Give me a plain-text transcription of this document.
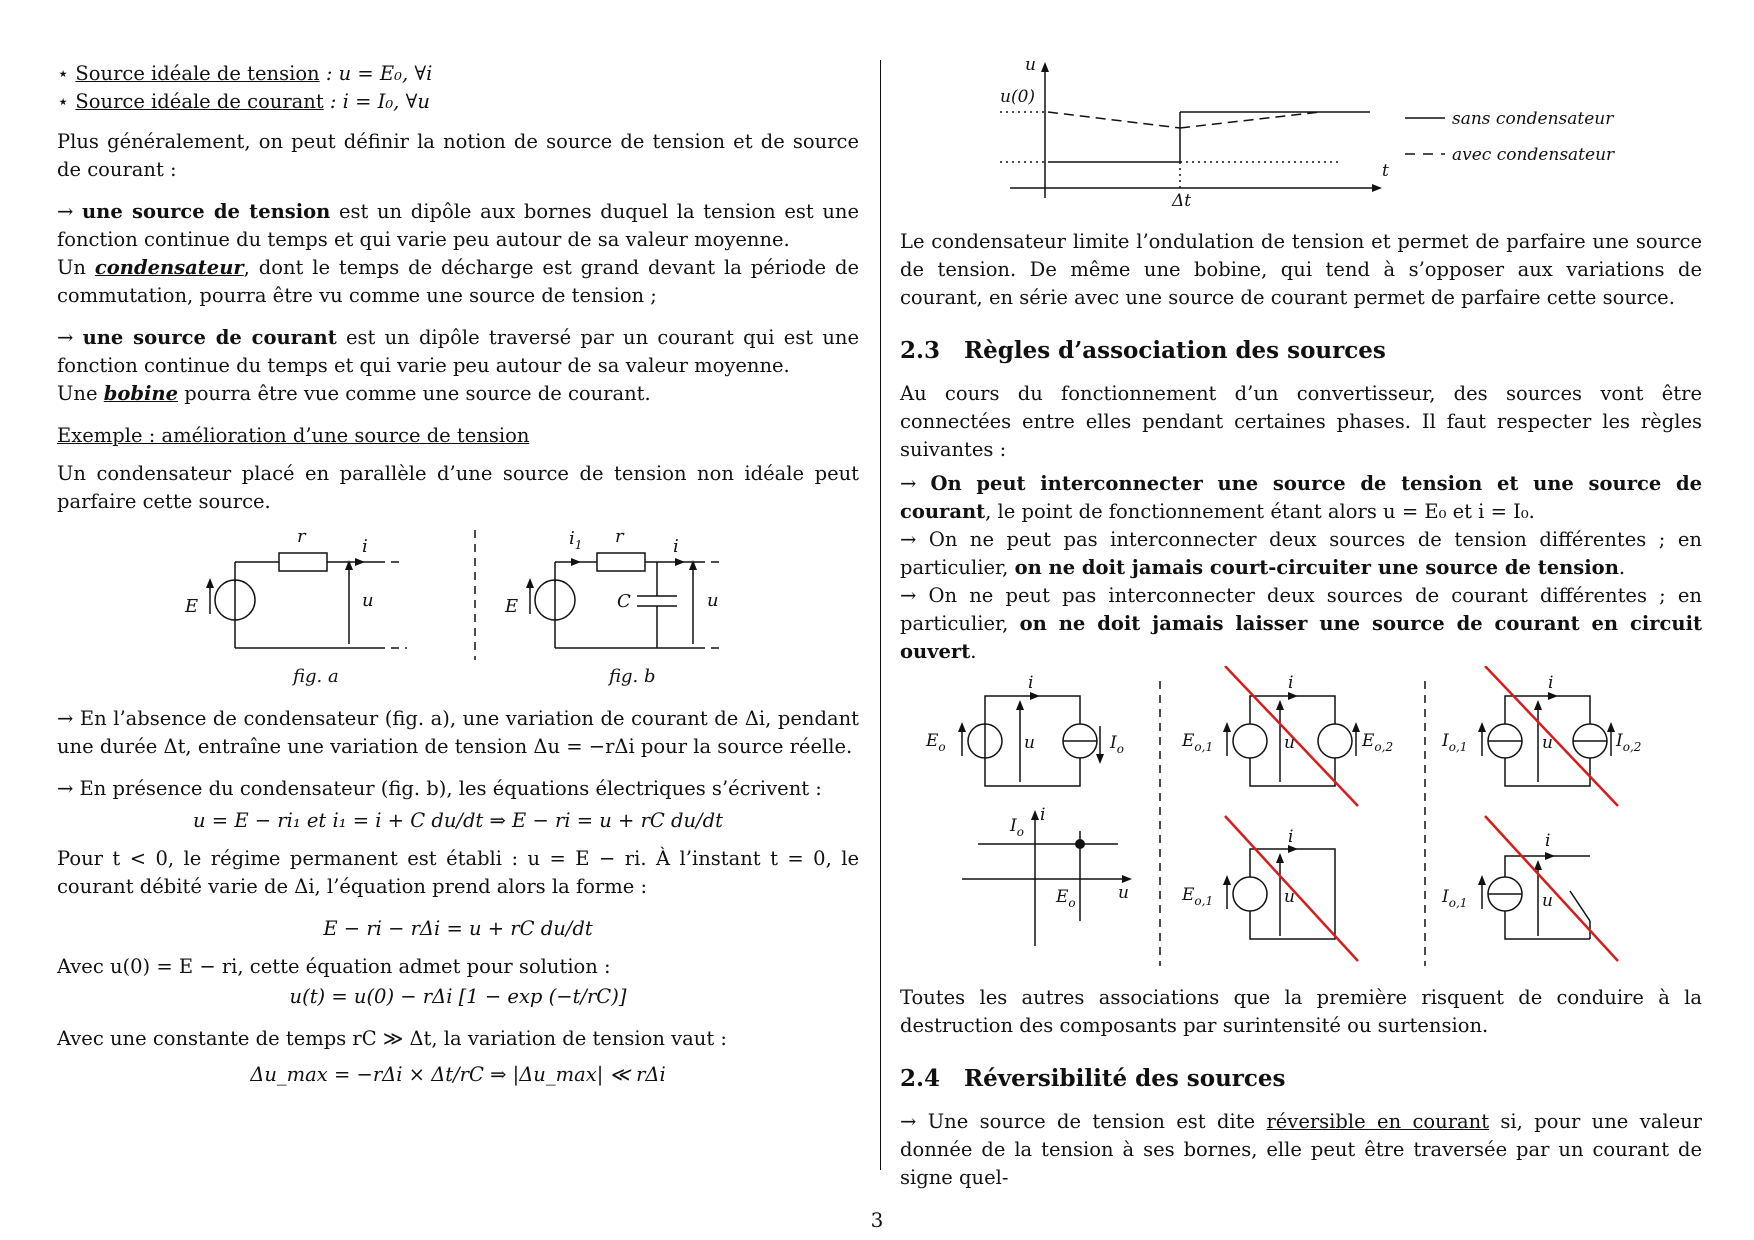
⋆ Source idéale de tension : u = E₀, ∀i
⋆ Source idéale de courant : i = I₀, ∀u

Plus généralement, on peut définir la notion de source de tension et de source de courant :

→ une source de tension est un dipôle aux bornes duquel la tension est une fonction continue du temps et qui varie peu autour de sa valeur moyenne.
Un condensateur, dont le temps de décharge est grand devant la période de commutation, pourra être vu comme une source de tension ;

→ une source de courant est un dipôle traversé par un courant qui est une fonction continue du temps et qui varie peu autour de sa valeur moyenne.
Une bobine pourra être vue comme une source de courant.

Exemple : amélioration d’une source de tension

Un condensateur placé en parallèle d’une source de tension non idéale peut parfaire cette source.

r	i
E	u
fig. a
$i_1$ r	i
E	C	u
fig. b

→ En l’absence de condensateur (fig. a), une variation de courant de Δi, pendant une durée Δt, entraîne une variation de tension Δu = −rΔi pour la source réelle.

→ En présence du condensateur (fig. b), les équations électriques s’écrivent :

u = E − ri₁ et i₁ = i + C du/dt ⇒ E − ri = u + rC du/dt

Pour t < 0, le régime permanent est établi : u = E − ri. À l’instant t = 0, le courant débité varie de Δi, l’équation prend alors la forme :

E − ri − rΔi = u + rC du/dt

Avec u(0) = E − ri, cette équation admet pour solution :

u(t) = u(0) − rΔi [1 − exp (−t/rC)]

Avec une constante de temps rC ≫ Δt, la variation de tension vaut :

Δu_max = −rΔi × Δt/rC ⇒ |Δu_max| ≪ rΔi
u
u(0)
t
Δt
sans condensateur
avec condensateur

Le condensateur limite l’ondulation de tension et permet de parfaire une source de tension. De même une bobine, qui tend à s’opposer aux variations de courant, en série avec une source de courant permet de parfaire cette source.

2.3 Règles d’association des sources

Au cours du fonctionnement d’un convertisseur, des sources vont être connectées entre elles pendant certaines phases. Il faut respecter les règles suivantes :

→ On peut interconnecter une source de tension et une source de courant, le point de fonctionnement étant alors u = E₀ et i = I₀.
→ On ne peut pas interconnecter deux sources de tension différentes ; en particulier, on ne doit jamais court-circuiter une source de tension.
→ On ne peut pas interconnecter deux sources de courant différentes ; en particulier, on ne doit jamais laisser une source de courant en circuit ouvert.
i
u
$E_o$	$I_o$
$I_o$
i
$E_o$ u
i
u
$E_{o,1}$	$E_{o,2}$
i
u
$E_{o,1}$
i
u
$I_{o,1}$	$I_{o,2}$
i
u
$I_{o,1}$

Toutes les autres associations que la première risquent de conduire à la destruction des composants par surintensité ou surtension.

2.4 Réversibilité des sources

→ Une source de tension est dite réversible en courant si, pour une valeur donnée de la tension à ses bornes, elle peut être traversée par un courant de signe quel-

3
